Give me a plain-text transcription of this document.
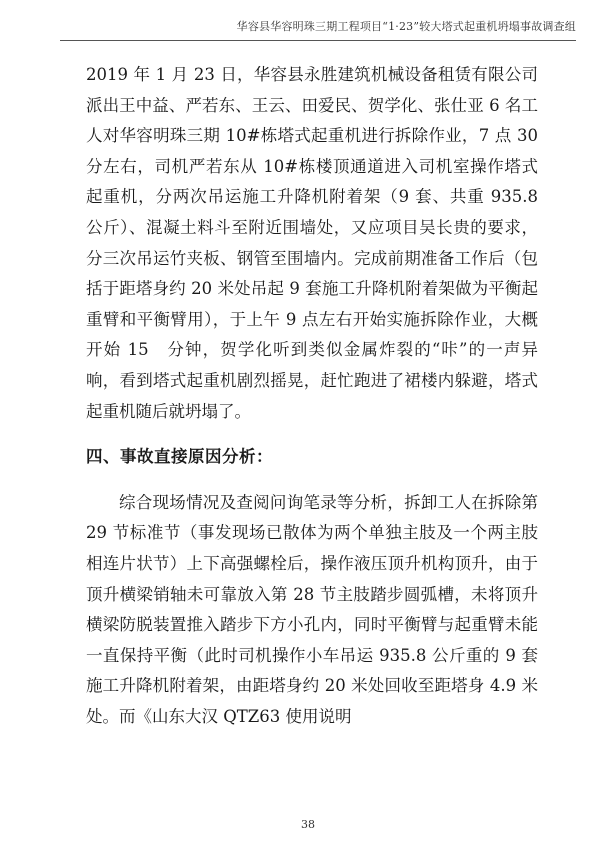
华容县华容明珠三期工程项目“1·23”较大塔式起重机坍塌事故调查组

2019 年 1 月 23 日，华容县永胜建筑机械设备租赁有限公司派出王中益、严若东、王云、田爱民、贺学化、张仕亚 6 名工人对华容明珠三期 10#栋塔式起重机进行拆除作业，7 点 30　分左右，司机严若东从 10#栋楼顶通道进入司机室操作塔式起重机，分两次吊运施工升降机附着架（9 套、共重 935.8 公斤）、混凝土料斗至附近围墙处，又应项目吴长贵的要求，分三次吊运竹夹板、钢管至围墙内。完成前期准备工作后（包括于距塔身约 20 米处吊起 9 套施工升降机附着架做为平衡起重臂和平衡臂用），于上午 9 点左右开始实施拆除作业，大概开始 15　分钟，贺学化听到类似金属炸裂的“咔”的一声异响，看到塔式起重机剧烈摇晃，赶忙跑进了裙楼内躲避，塔式起重机随后就坍塌了。

四、事故直接原因分析：

综合现场情况及查阅问询笔录等分析，拆卸工人在拆除第 29 节标准节（事发现场已散体为两个单独主肢及一个两主肢相连片状节）上下高强螺栓后，操作液压顶升机构顶升，由于顶升横梁销轴未可靠放入第 28 节主肢踏步圆弧槽，未将顶升横梁防脱装置推入踏步下方小孔内，同时平衡臂与起重臂未能一直保持平衡（此时司机操作小车吊运 935.8 公斤重的 9 套施工升降机附着架，由距塔身约 20 米处回收至距塔身 4.9 米处。而《山东大汉 QTZ63 使用说明

38
